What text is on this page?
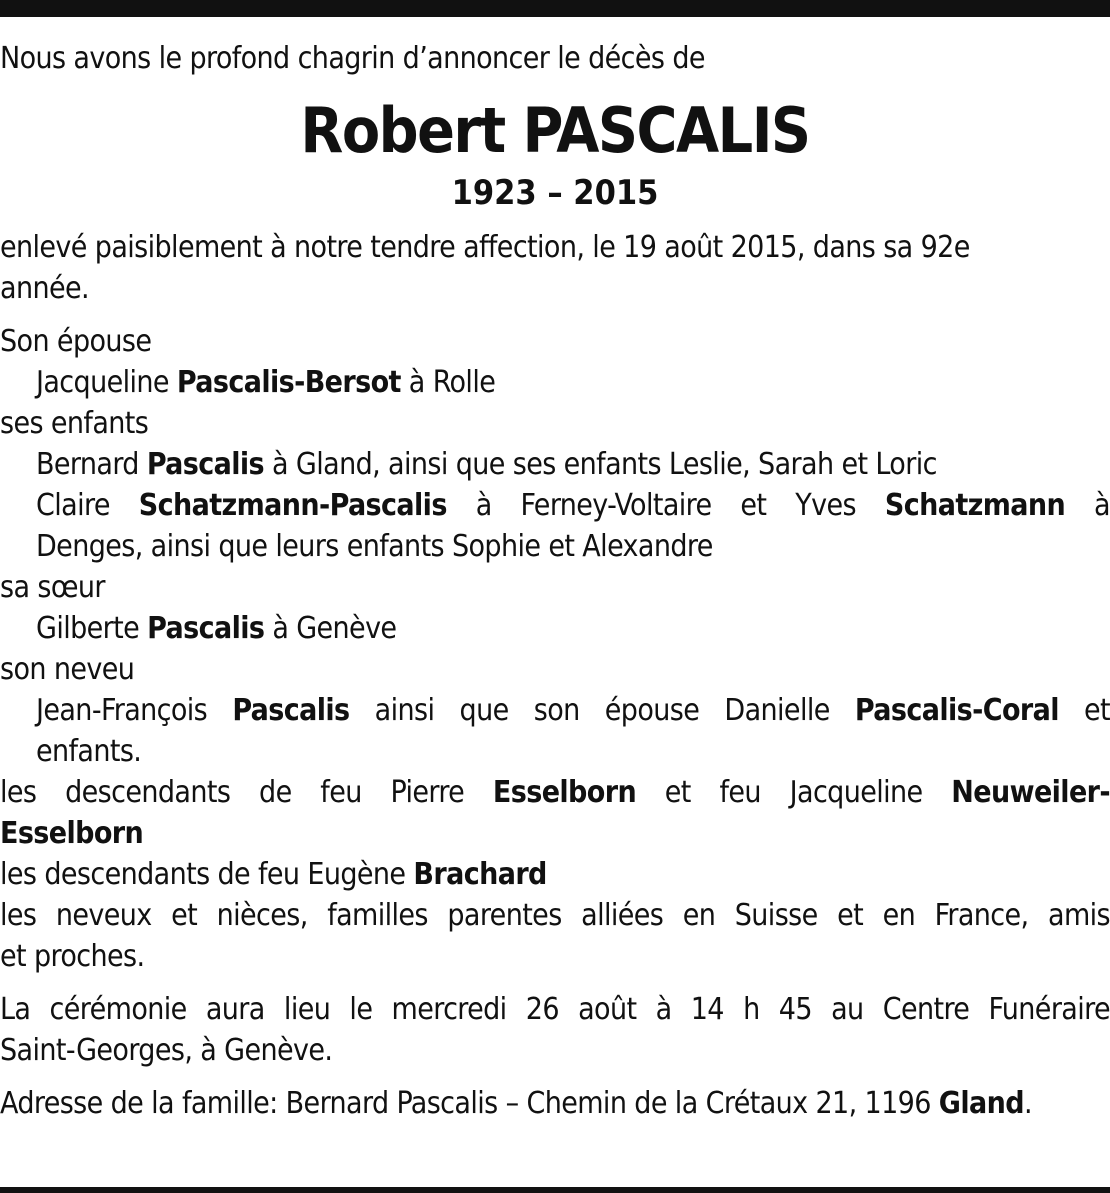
Nous avons le profond chagrin d’annoncer le décès de
Robert PASCALIS
1923 – 2015
enlevé paisiblement à notre tendre affection, le 19 août 2015, dans sa 92e
année.
Son épouse
Jacqueline Pascalis-Bersot à Rolle
ses enfants
Bernard Pascalis à Gland, ainsi que ses enfants Leslie, Sarah et Loric
Claire Schatzmann-Pascalis à Ferney-Voltaire et Yves Schatzmann à
Denges, ainsi que leurs enfants Sophie et Alexandre
sa sœur
Gilberte Pascalis à Genève
son neveu
Jean-François Pascalis ainsi que son épouse Danielle Pascalis-Coral et
enfants.
les descendants de feu Pierre Esselborn et feu Jacqueline Neuweiler-
Esselborn
les descendants de feu Eugène Brachard
les neveux et nièces, familles parentes alliées en Suisse et en France, amis
et proches.
La cérémonie aura lieu le mercredi 26 août à 14 h 45 au Centre Funéraire
Saint-Georges, à Genève.
Adresse de la famille: Bernard Pascalis – Chemin de la Crétaux 21, 1196 Gland.
